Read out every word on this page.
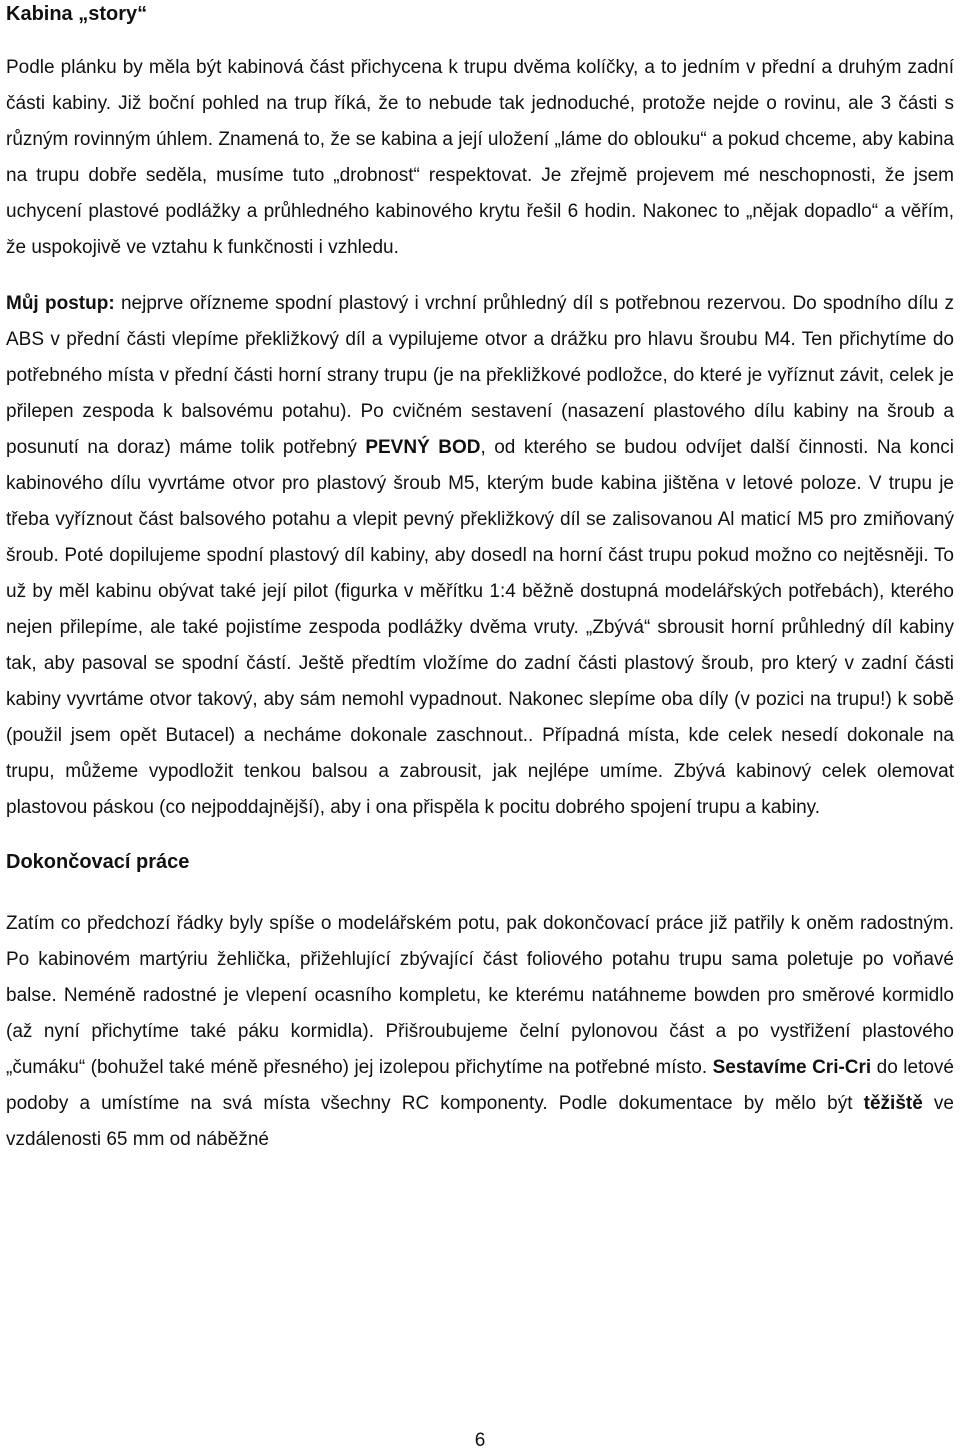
Kabina „story“

Podle plánku by měla být kabinová část přichycena k trupu dvěma kolíčky, a to jedním v přední a druhým zadní části kabiny. Již boční pohled na trup říká, že to nebude tak jednoduché, protože nejde o rovinu, ale 3 části s různým rovinným úhlem. Znamená to, že se kabina a její uložení „láme do oblouku“ a pokud chceme, aby kabina na trupu dobře seděla, musíme tuto „drobnost“ respektovat. Je zřejmě projevem mé neschopnosti, že jsem uchycení plastové podlážky a průhledného kabinového krytu řešil 6 hodin. Nakonec to „nějak dopadlo“ a věřím, že uspokojivě ve vztahu k funkčnosti i vzhledu.

Můj postup: nejprve ořízneme spodní plastový i vrchní průhledný díl s potřebnou rezervou. Do spodního dílu z ABS v přední části vlepíme překližkový díl a vypilujeme otvor a drážku pro hlavu šroubu M4. Ten přichytíme do potřebného místa v přední části horní strany trupu (je na překližkové podložce, do které je vyříznut závit, celek je přilepen zespoda k balsovému potahu). Po cvičném sestavení (nasazení plastového dílu kabiny na šroub a posunutí na doraz) máme tolik potřebný PEVNÝ BOD, od kterého se budou odvíjet další činnosti. Na konci kabinového dílu vyvrtáme otvor pro plastový šroub M5, kterým bude kabina jištěna v letové poloze. V trupu je třeba vyříznout část balsového potahu a vlepit pevný překližkový díl se zalisovanou Al maticí M5 pro zmiňovaný šroub. Poté dopilujeme spodní plastový díl kabiny, aby dosedl na horní část trupu pokud možno co nejtěsněji. To už by měl kabinu obývat také její pilot (figurka v měřítku 1:4 běžně dostupná modelářských potřebách), kterého nejen přilepíme, ale také pojistíme zespoda podlážky dvěma vruty. „Zbývá“ sbrousit horní průhledný díl kabiny tak, aby pasoval se spodní částí. Ještě předtím vložíme do zadní části plastový šroub, pro který v zadní části kabiny vyvrtáme otvor takový, aby sám nemohl vypadnout. Nakonec slepíme oba díly (v pozici na trupu!) k sobě (použil jsem opět Butacel) a necháme dokonale zaschnout.. Případná místa, kde celek nesedí dokonale na trupu, můžeme vypodložit tenkou balsou a zabrousit, jak nejlépe umíme. Zbývá kabinový celek olemovat plastovou páskou (co nejpoddajnější), aby i ona přispěla k pocitu dobrého spojení trupu a kabiny.

Dokončovací práce

Zatím co předchozí řádky byly spíše o modelářském potu, pak dokončovací práce již patřily k oněm radostným. Po kabinovém martýriu žehlička, přižehlující zbývající část foliového potahu trupu sama poletuje po voňavé balse. Neméně radostné je vlepení ocasního kompletu, ke kterému natáhneme bowden pro směrové kormidlo (až nyní přichytíme také páku kormidla). Přišroubujeme čelní pylonovou část a po vystřižení plastového „čumáku“ (bohužel také méně přesného) jej izolepou přichytíme na potřebné místo. Sestavíme Cri-Cri do letové podoby a umístíme na svá místa všechny RC komponenty. Podle dokumentace by mělo být těžiště ve vzdálenosti 65 mm od náběžné

6
